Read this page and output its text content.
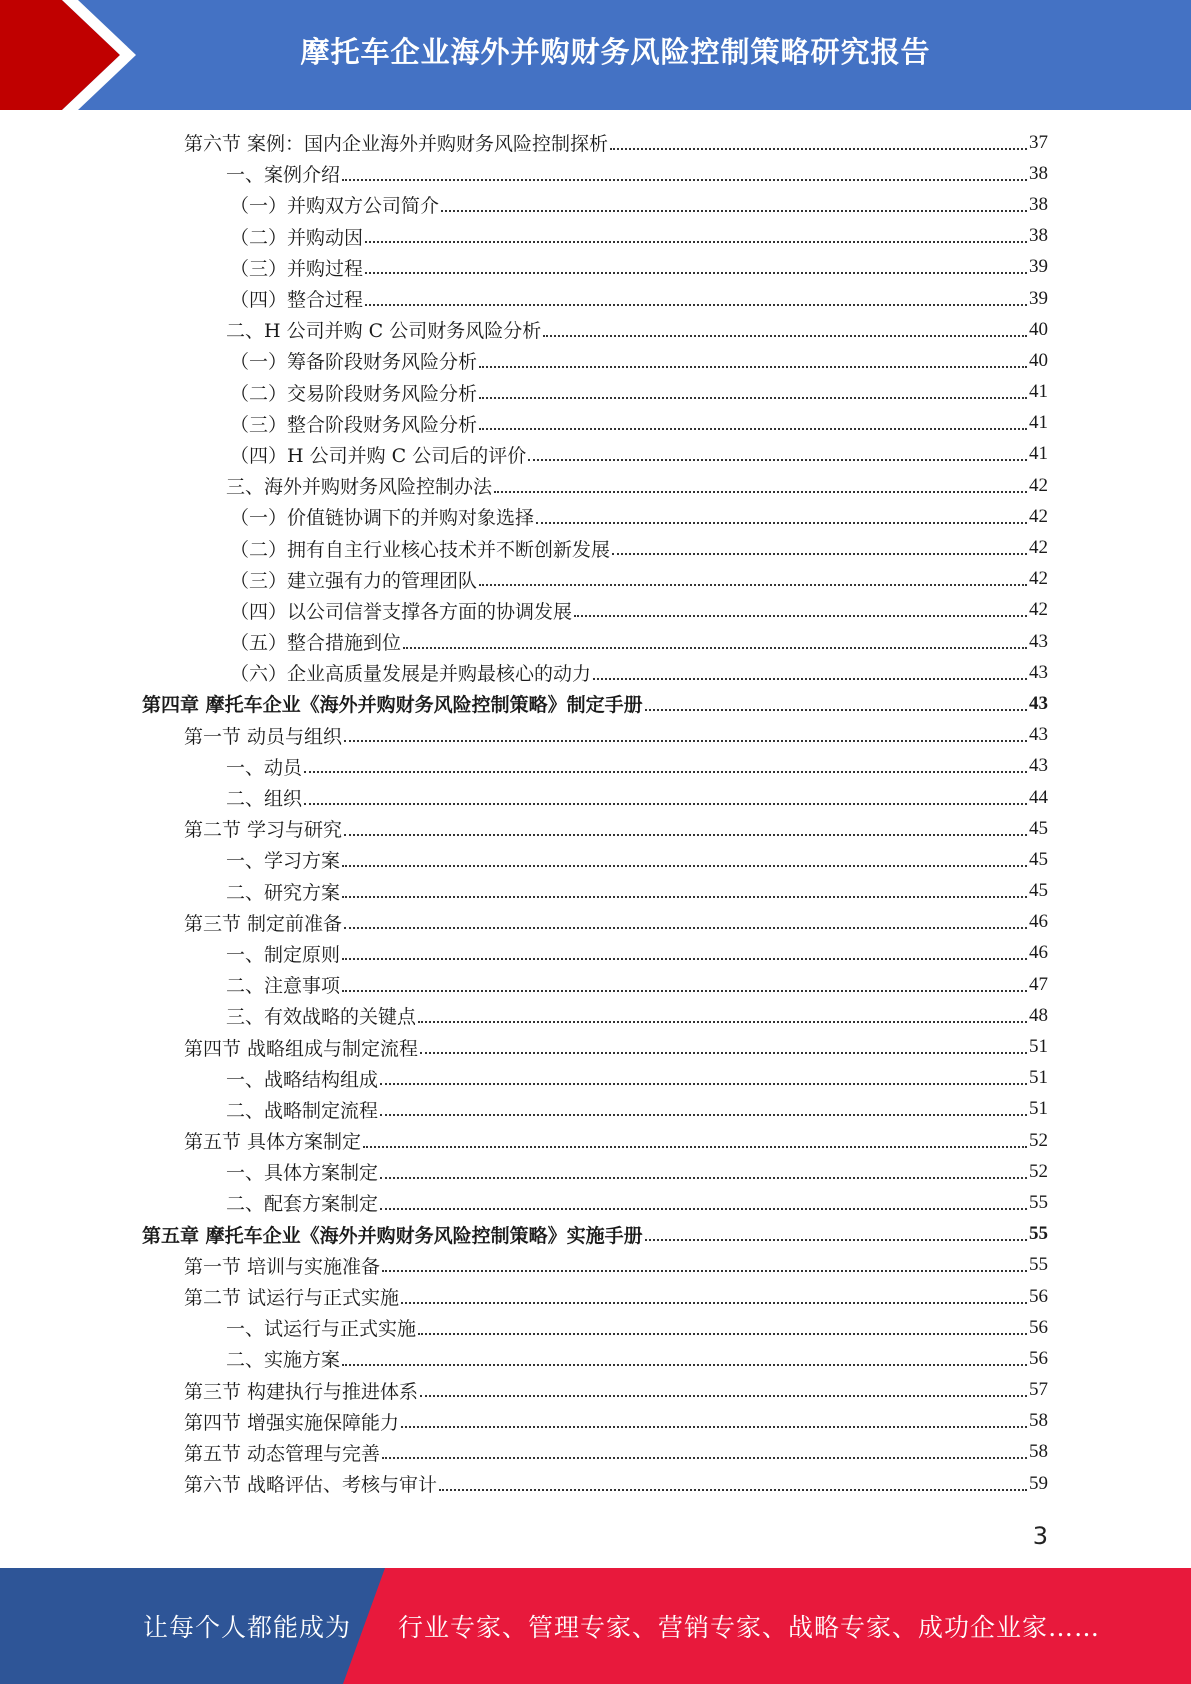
摩托车企业海外并购财务风险控制策略研究报告
第六节 案例：国内企业海外并购财务风险控制探析	37
一、案例介绍	38
（一）并购双方公司简介	38
（二）并购动因	38
（三）并购过程	39
（四）整合过程	39
二、H 公司并购 C 公司财务风险分析	40
（一）筹备阶段财务风险分析	40
（二）交易阶段财务风险分析	41
（三）整合阶段财务风险分析	41
（四）H 公司并购 C 公司后的评价	41
三、海外并购财务风险控制办法	42
（一）价值链协调下的并购对象选择	42
（二）拥有自主行业核心技术并不断创新发展	42
（三）建立强有力的管理团队	42
（四）以公司信誉支撑各方面的协调发展	42
（五）整合措施到位	43
（六）企业高质量发展是并购最核心的动力	43
第四章 摩托车企业《海外并购财务风险控制策略》制定手册	43
第一节 动员与组织	43
一、动员	43
二、组织	44
第二节 学习与研究	45
一、学习方案	45
二、研究方案	45
第三节 制定前准备	46
一、制定原则	46
二、注意事项	47
三、有效战略的关键点	48
第四节 战略组成与制定流程	51
一、战略结构组成	51
二、战略制定流程	51
第五节 具体方案制定	52
一、具体方案制定	52
二、配套方案制定	55
第五章 摩托车企业《海外并购财务风险控制策略》实施手册	55
第一节 培训与实施准备	55
第二节 试运行与正式实施	56
一、试运行与正式实施	56
二、实施方案	56
第三节 构建执行与推进体系	57
第四节 增强实施保障能力	58
第五节 动态管理与完善	58
第六节 战略评估、考核与审计	59
3
让每个人都能成为 行业专家、管理专家、营销专家、战略专家、成功企业家……
